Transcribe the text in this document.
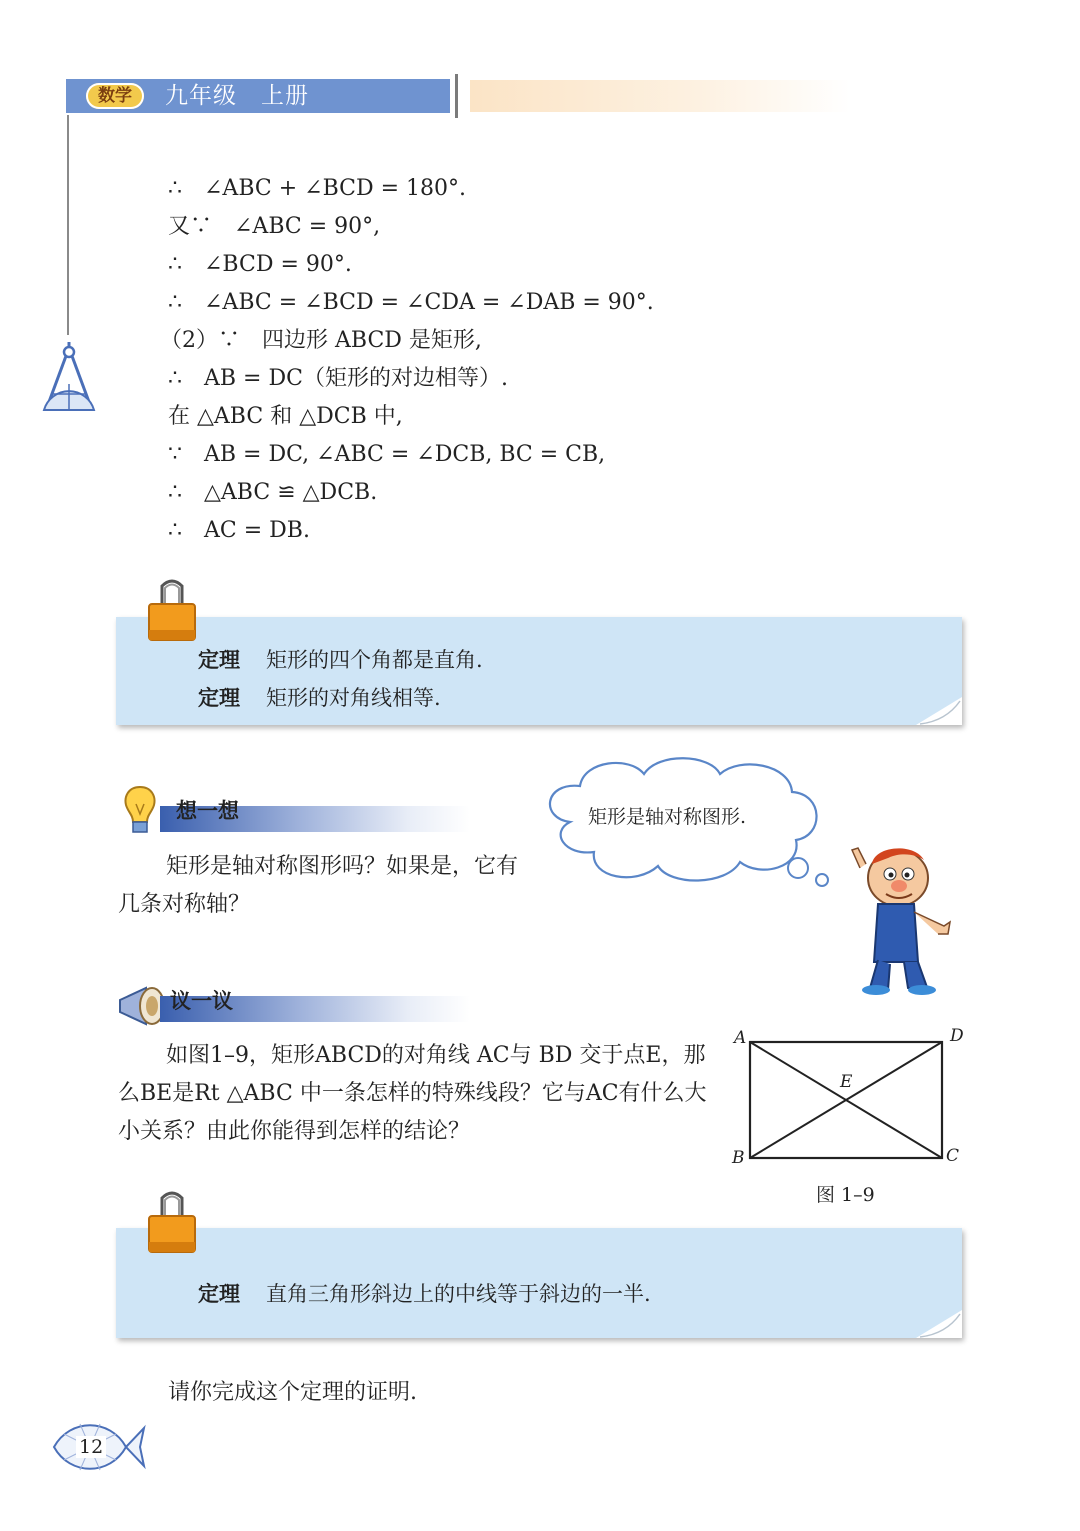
数学	九年级　上册
∴　∠ABC + ∠BCD = 180°.
又∵　∠ABC = 90°,
∴　∠BCD = 90°.
∴　∠ABC = ∠BCD = ∠CDA = ∠DAB = 90°.
（2）∵　四边形 ABCD 是矩形,
∴　AB = DC（矩形的对边相等）.
在 △ABC 和 △DCB 中,
∵　AB = DC, ∠ABC = ∠DCB, BC = CB,
∴　△ABC ≌ △DCB.
∴　AC = DB.
定理 矩形的四个角都是直角.
定理 矩形的对角线相等.
想一想
矩形是轴对称图形吗？如果是，它有几条对称轴？
矩形是轴对称图形.
议一议
如图1–9，矩形ABCD的对角线 AC与 BD 交于点E，那么BE是Rt △ABC 中一条怎样的特殊线段？它与AC有什么大小关系？由此你能得到怎样的结论？
A	D
E
B	C
图 1–9
定理 直角三角形斜边上的中线等于斜边的一半.
请你完成这个定理的证明.
12
